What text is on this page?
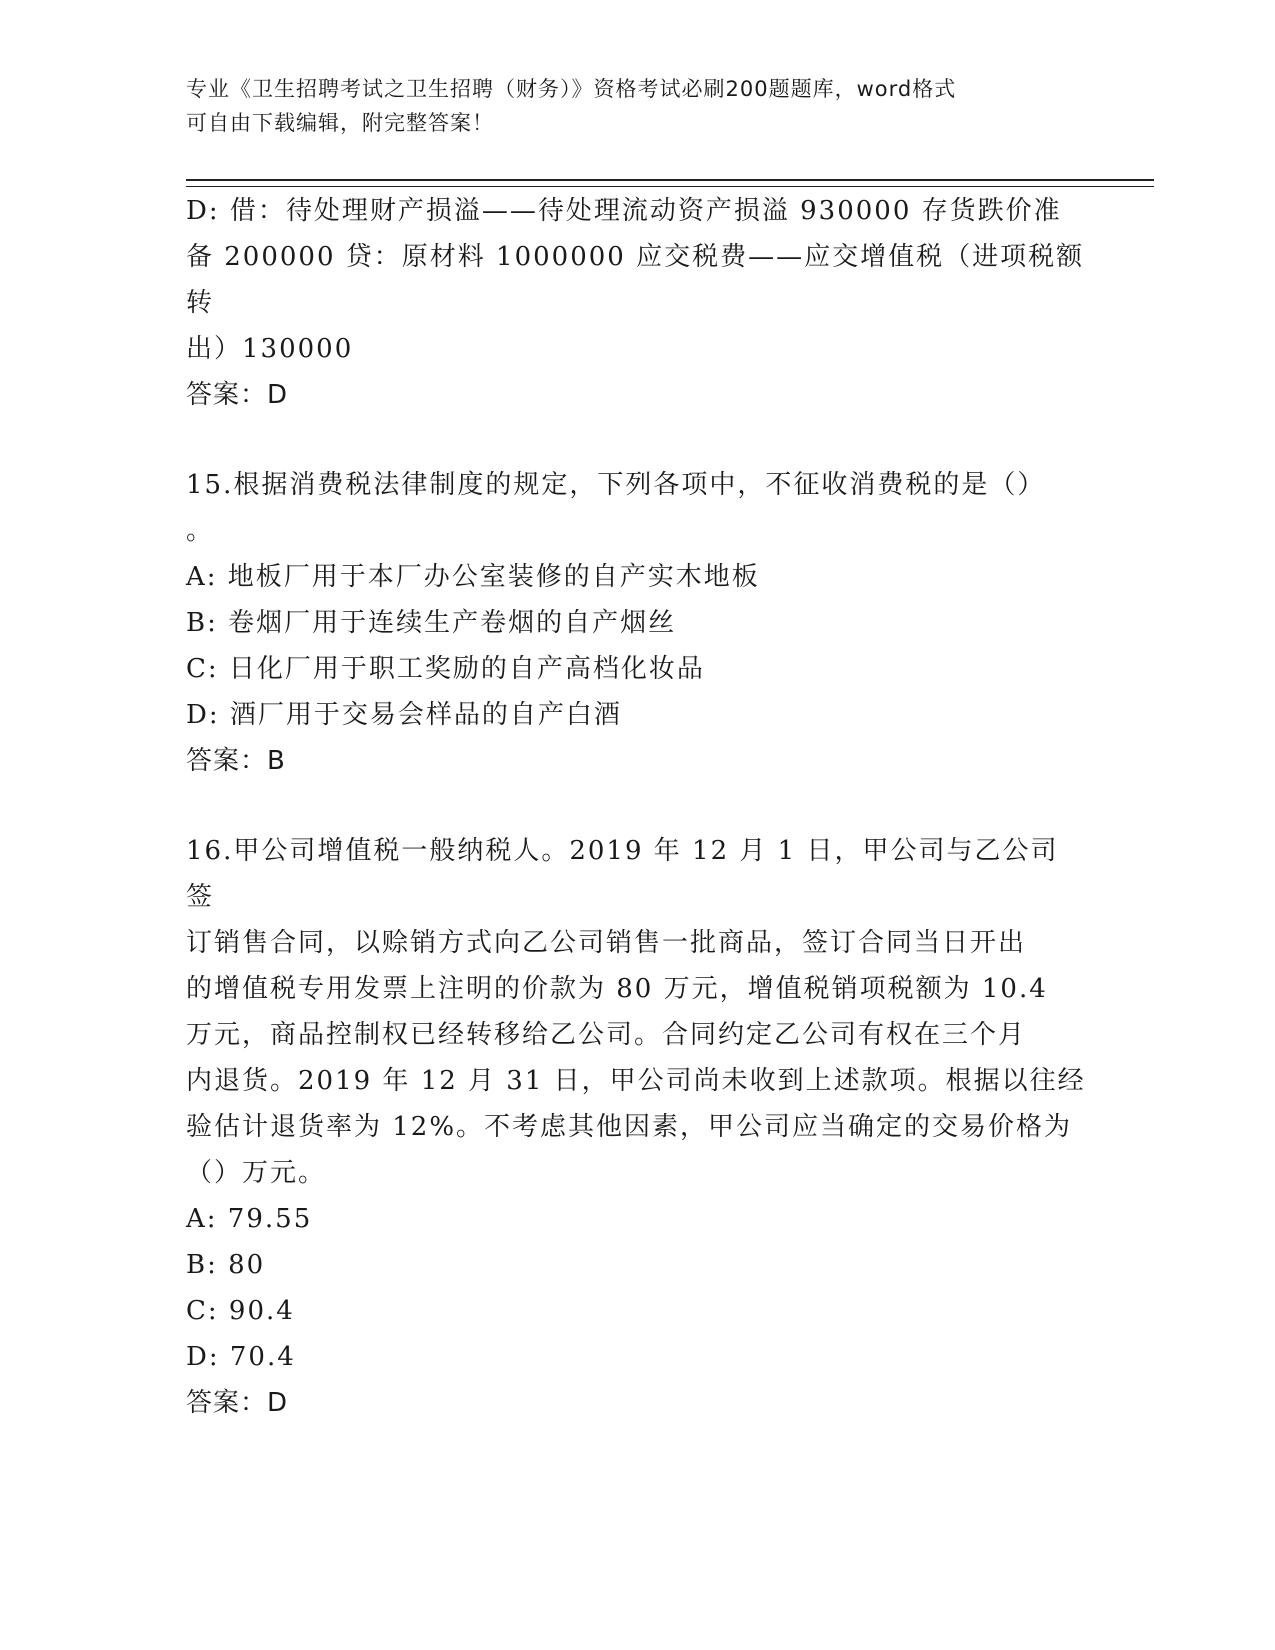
专业《卫生招聘考试之卫生招聘（财务）》资格考试必刷200题题库，word格式
可自由下载编辑，附完整答案！
D: 借：待处理财产损溢——待处理流动资产损溢 930000 存货跌价准
备 200000 贷：原材料 1000000 应交税费——应交增值税（进项税额转
出）130000
答案：D
15.根据消费税法律制度的规定，下列各项中，不征收消费税的是（）
。
A: 地板厂用于本厂办公室装修的自产实木地板
B: 卷烟厂用于连续生产卷烟的自产烟丝
C: 日化厂用于职工奖励的自产高档化妆品
D: 酒厂用于交易会样品的自产白酒
答案：B
16.甲公司增值税一般纳税人。2019 年 12 月 1 日，甲公司与乙公司签
订销售合同，以赊销方式向乙公司销售一批商品，签订合同当日开出
的增值税专用发票上注明的价款为 80 万元，增值税销项税额为 10.4
万元，商品控制权已经转移给乙公司。合同约定乙公司有权在三个月
内退货。2019 年 12 月 31 日，甲公司尚未收到上述款项。根据以往经
验估计退货率为 12%。不考虑其他因素，甲公司应当确定的交易价格为
（）万元。
A: 79.55
B: 80
C: 90.4
D: 70.4
答案：D
